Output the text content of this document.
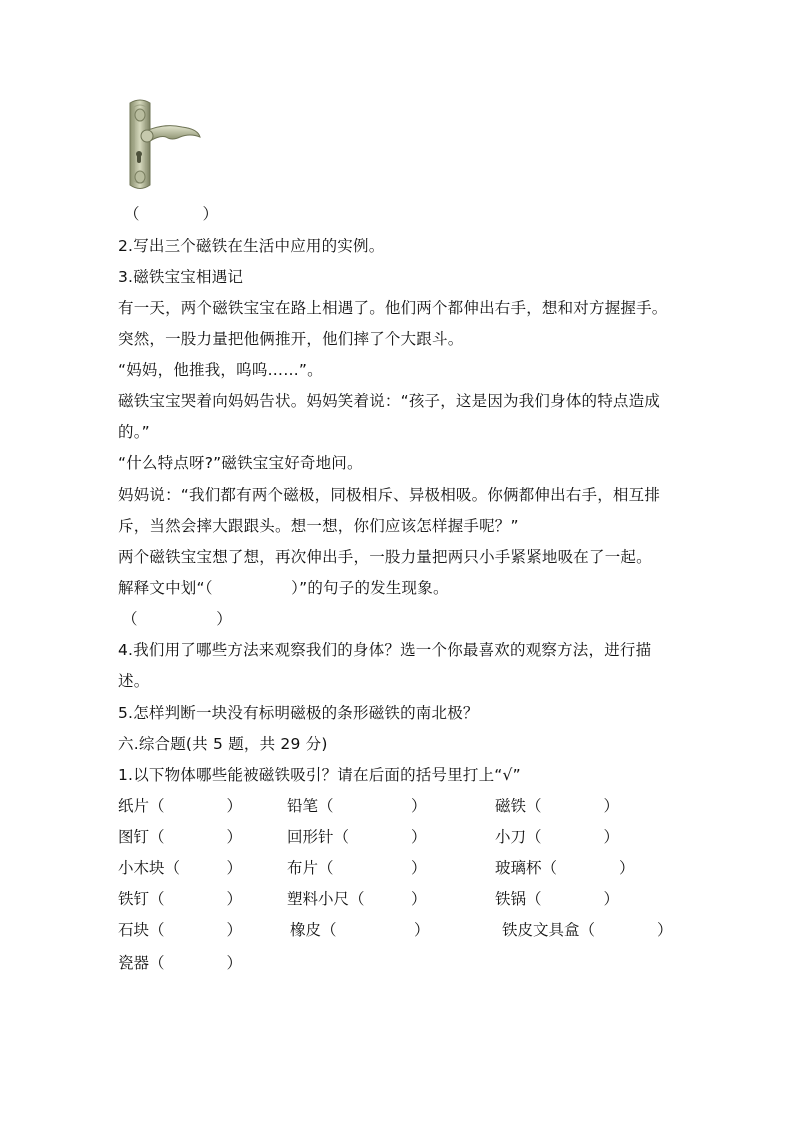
（　　　　）
2.写出三个磁铁在生活中应用的实例。
3.磁铁宝宝相遇记
有一天，两个磁铁宝宝在路上相遇了。他们两个都伸出右手，想和对方握握手。
突然，一股力量把他俩推开，他们摔了个大跟斗。
“妈妈，他推我，呜呜……”。
磁铁宝宝哭着向妈妈告状。妈妈笑着说：“孩子，这是因为我们身体的特点造成
的。”
“什么特点呀?”磁铁宝宝好奇地问。
妈妈说：“我们都有两个磁极，同极相斥、异极相吸。你俩都伸出右手，相互排
斥，当然会摔大跟跟头。想一想，你们应该怎样握手呢？”
两个磁铁宝宝想了想，再次伸出手，一股力量把两只小手紧紧地吸在了一起。
解释文中划“（　　　　　）”的句子的发生现象。
（　　　　　）
4.我们用了哪些方法来观察我们的身体？选一个你最喜欢的观察方法，进行描
述。
5.怎样判断一块没有标明磁极的条形磁铁的南北极？
六.综合题(共 5 题，共 29 分)
1.以下物体哪些能被磁铁吸引？请在后面的括号里打上“√”
纸片（　　　　）	铅笔（　　　　　）	磁铁（　　　　）
图钉（　　　　）	回形针（　　　　）	小刀（　　　　）
小木块（　　　）	布片（　　　　　）	玻璃杯（　　　　）
铁钉（　　　　）	塑料小尺（　　　）	铁锅（　　　　）
石块（　　　　）	橡皮（　　　　　）	铁皮文具盒（　　　　）
瓷器（　　　　）
